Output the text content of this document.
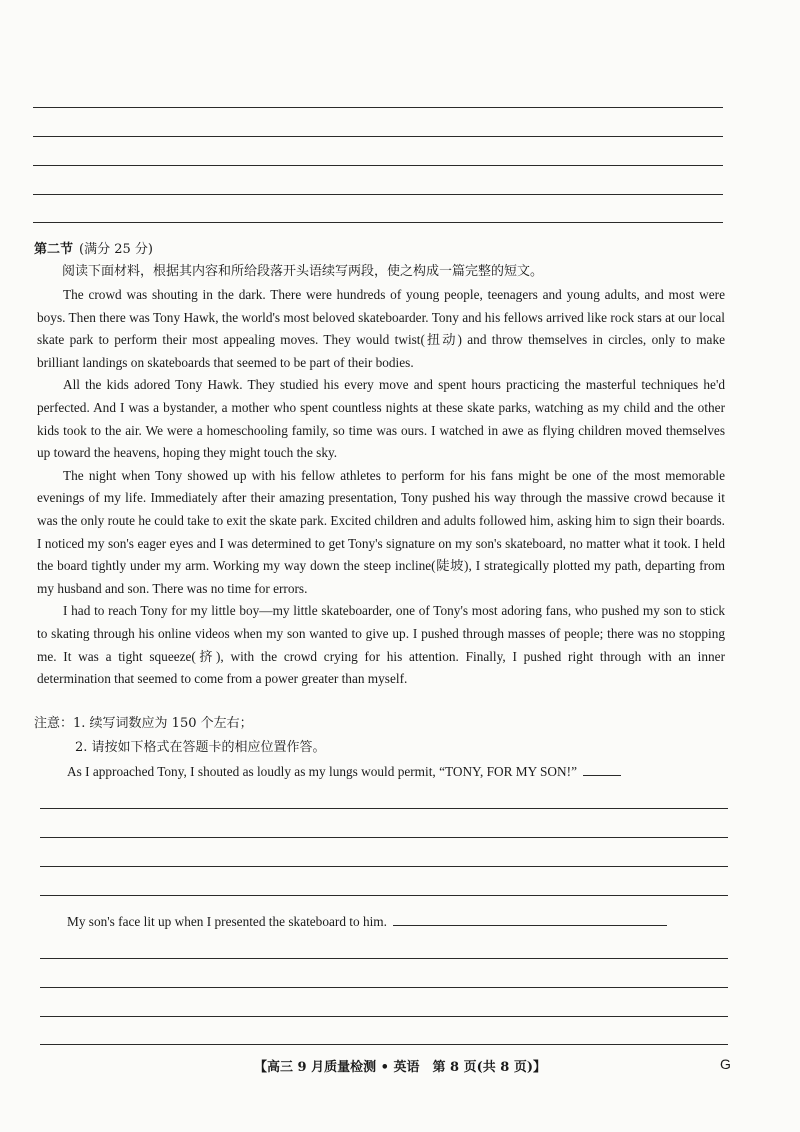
第二节 (满分 25 分)
阅读下面材料，根据其内容和所给段落开头语续写两段，使之构成一篇完整的短文。

The crowd was shouting in the dark. There were hundreds of young people, teenagers and young adults, and most were boys. Then there was Tony Hawk, the world's most beloved skateboarder. Tony and his fellows arrived like rock stars at our local skate park to perform their most appealing moves. They would twist(扭动) and throw themselves in circles, only to make brilliant landings on skateboards that seemed to be part of their bodies.

All the kids adored Tony Hawk. They studied his every move and spent hours practicing the masterful techniques he'd perfected. And I was a bystander, a mother who spent countless nights at these skate parks, watching as my child and the other kids took to the air. We were a homeschooling family, so time was ours. I watched in awe as flying children moved themselves up toward the heavens, hoping they might touch the sky.

The night when Tony showed up with his fellow athletes to perform for his fans might be one of the most memorable evenings of my life. Immediately after their amazing presentation, Tony pushed his way through the massive crowd because it was the only route he could take to exit the skate park. Excited children and adults followed him, asking him to sign their boards. I noticed my son's eager eyes and I was determined to get Tony's signature on my son's skateboard, no matter what it took. I held the board tightly under my arm. Working my way down the steep incline(陡坡), I strategically plotted my path, departing from my husband and son. There was no time for errors.

I had to reach Tony for my little boy—my little skateboarder, one of Tony's most adoring fans, who pushed my son to stick to skating through his online videos when my son wanted to give up. I pushed through masses of people; there was no stopping me. It was a tight squeeze(挤), with the crowd crying for his attention. Finally, I pushed right through with an inner determination that seemed to come from a power greater than myself.

注意：1. 续写词数应为 150 个左右；
2. 请按如下格式在答题卡的相应位置作答。
As I approached Tony, I shouted as loudly as my lungs would permit, “TONY, FOR MY SON!”
My son's face lit up when I presented the skateboard to him.
【高三 9 月质量检测 • 英语　第 8 页(共 8 页)】	G
